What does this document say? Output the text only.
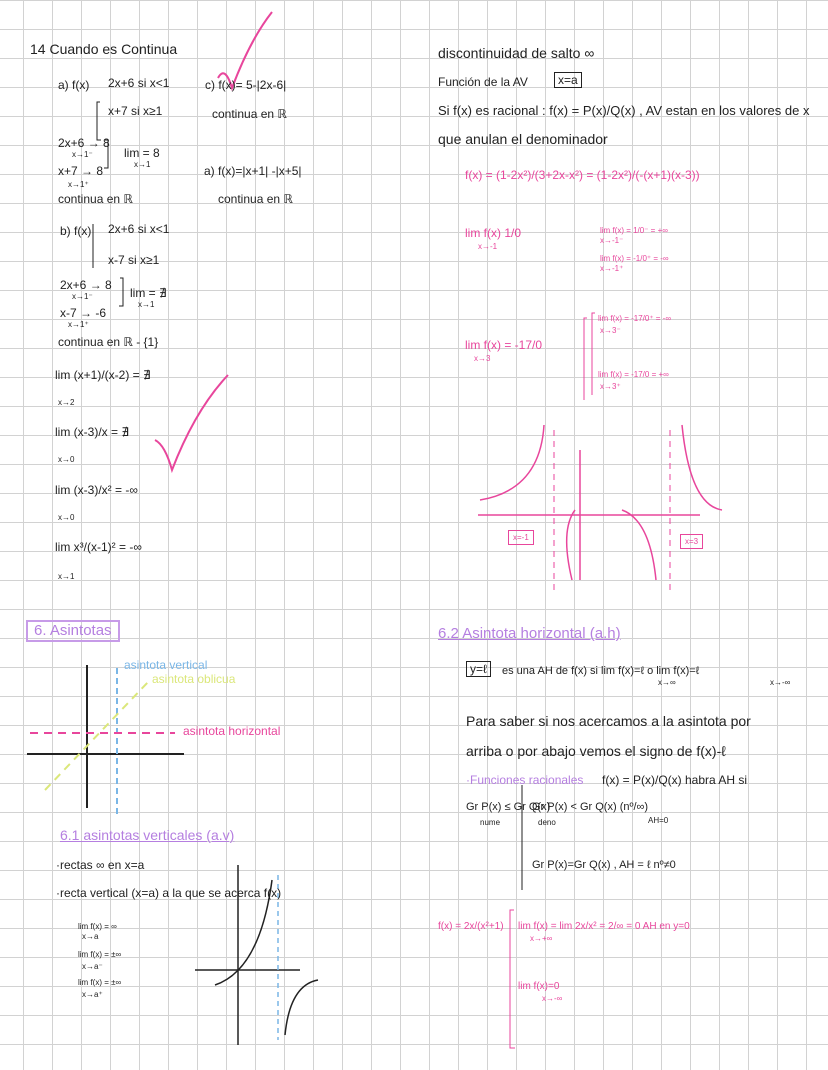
14 Cuando es Continua
a) f(x) 2x+6 si x<1
x+7 si x≥1
2x+6 → 8
x→1⁻
x+7 → 8
x→1⁺
lim = 8
x→1
continua en ℝ
c) f(x)= 5-|2x-6|
continua en ℝ
a) f(x)=|x+1| -|x+5|
continua en ℝ
b) f(x) 2x+6 si x<1
x-7 si x≥1
2x+6 → 8
x→1⁻
x-7 → -6
x→1⁺
lim = ∄
x→1
continua en ℝ - {1}
lim (x+1)/(x-2) = ∄
x→2
lim (x-3)/x = ∄
x→0
lim (x-3)/x² = -∞
x→0
lim x³/(x-1)² = -∞
x→1
6. Asintotas
asintota vertical
asintota oblicua
asintota horizontal
6.1 asintotas verticales (a.v)
·rectas ∞ en x=a
·recta vertical (x=a) a la que se acerca f(x)
lim f(x) = ∞
x→a
lim f(x) = ±∞
x→a⁻
lim f(x) = ±∞
x→a⁺
discontinuidad de salto ∞
Función de la AV	x=a
Si f(x) es racional : f(x) = P(x)/Q(x) , AV estan en los valores de x
que anulan el denominador
f(x) = (1-2x²)/(3+2x-x²) = (1-2x²)/(-(x+1)(x-3))
lim f(x) 1/0
x→-1
lim f(x) = 1/0⁻ = +∞
x→-1⁻
lim f(x) = -1/0⁺ = -∞
x→-1⁺
lim f(x) = -17/0
x→3
lim f(x) = -17/0⁺ = -∞
x→3⁻
lim f(x) = -17/0 = +∞
x→3⁺
x=-1	x=3
6.2 Asintota horizontal (a.h)
y=ℓ	es una AH de f(x) si lim f(x)=ℓ o lim f(x)=ℓ
x→∞	x→-∞
Para saber si nos acercamos a la asintota por
arriba o por abajo vemos el signo de f(x)-ℓ
·Funciones racionales f(x) = P(x)/Q(x) habra AH si
Gr P(x) ≤ Gr Q(x)
nume	deno
Gr P(x) < Gr Q(x) (nº/∞)
AH=0
Gr P(x)=Gr Q(x) , AH = ℓ nº≠0
f(x) = 2x/(x²+1) lim f(x) = lim 2x/x² = 2/∞ = 0 AH en y=0
x→+∞
lim f(x)=0
x→-∞
